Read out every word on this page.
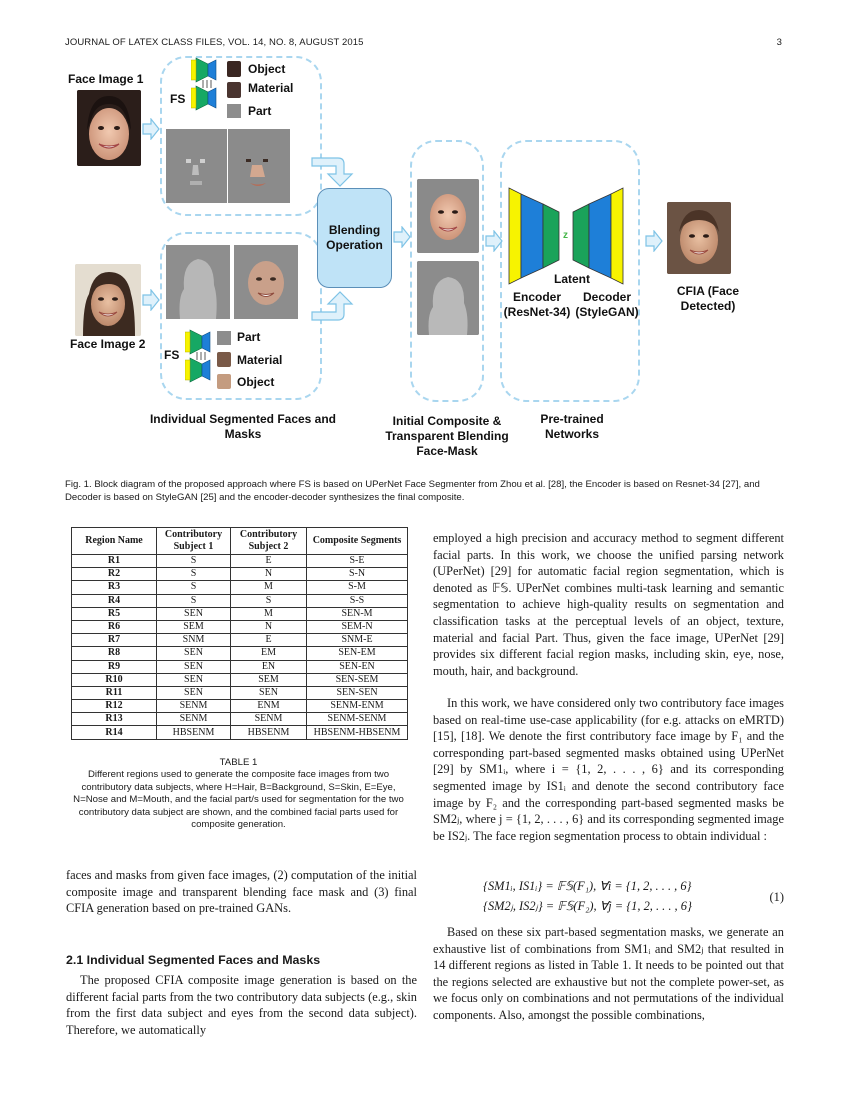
JOURNAL OF LATEX CLASS FILES, VOL. 14, NO. 8, AUGUST 2015	3
Face Image 1
Face Image 2
FS
Object
Material
Part
FS
Part
Material
Object
Blending Operation
z
Latent
Encoder (ResNet-34)
Decoder (StyleGAN)
CFIA (Face Detected)
Individual Segmented Faces and Masks
Initial Composite & Transparent Blending Face-Mask
Pre-trained Networks
Fig. 1. Block diagram of the proposed approach where FS is based on UPerNet Face Segmenter from Zhou et al. [28], the Encoder is based on Resnet-34 [27], and Decoder is based on StyleGAN [25] and the encoder-decoder synthesizes the final composite.
Region Name	Contributory Subject 1	Contributory Subject 2	Composite Segments
R1	S	E	S-E
R2	S	N	S-N
R3	S	M	S-M
R4	S	S	S-S
R5	SEN	M	SEN-M
R6	SEM	N	SEM-N
R7	SNM	E	SNM-E
R8	SEN	EM	SEN-EM
R9	SEN	EN	SEN-EN
R10	SEN	SEM	SEN-SEM
R11	SEN	SEN	SEN-SEN
R12	SENM	ENM	SENM-ENM
R13	SENM	SENM	SENM-SENM
R14	HBSENM	HBSENM	HBSENM-HBSENM
TABLE 1
Different regions used to generate the composite face images from two contributory data subjects, where H=Hair, B=Background, S=Skin, E=Eye, N=Nose and M=Mouth, and the facial part/s used for segmentation for the two contributory data subject are shown, and the combined facial parts used for composite generation.
faces and masks from given face images, (2) computation of the initial composite image and transparent blending face mask and (3) final CFIA generation based on pre-trained GANs.
2.1 Individual Segmented Faces and Masks
The proposed CFIA composite image generation is based on the different facial parts from the two contributory data subjects (e.g., skin from the first data subject and eyes from the second data subject). Therefore, we automatically
employed a high precision and accuracy method to segment different facial parts. In this work, we choose the unified parsing network (UPerNet) [29] for automatic facial region segmentation, which is denoted as 𝔽𝕊. UPerNet combines multi-task learning and semantic segmentation to achieve high-quality results on segmentation and classification tasks at the perceptual levels of an object, texture, material and facial Part. Thus, given the face image, UPerNet [29] provides six different facial region masks, including skin, eye, nose, mouth, hair, and background.
In this work, we have considered only two contributory face images based on real-time use-case applicability (for e.g. attacks on eMRTD) [15], [18]. We denote the first contributory face image by F₁ and the corresponding part-based segmented masks obtained using UPerNet [29] by SM1ᵢ, where i = {1, 2, . . . , 6} and its corresponding segmented image by IS1ᵢ and denote the second contributory face image by F₂ and the corresponding part-based segmented masks be SM2ⱼ, where j = {1, 2, . . . , 6} and its corresponding segmented image be IS2ⱼ. The face region segmentation process to obtain individual :
{SM1ᵢ, IS1ᵢ} = 𝔽𝕊(F₁), ∀i = {1, 2, . . . , 6}
{SM2ⱼ, IS2ⱼ} = 𝔽𝕊(F₂), ∀j = {1, 2, . . . , 6}
(1)
Based on these six part-based segmentation masks, we generate an exhaustive list of combinations from SM1ᵢ and SM2ⱼ that resulted in 14 different regions as listed in Table 1. It needs to be pointed out that the regions selected are exhaustive but not the complete power-set, as we focus only on combinations and not permutations of the individual components. Also, amongst the possible combinations,
